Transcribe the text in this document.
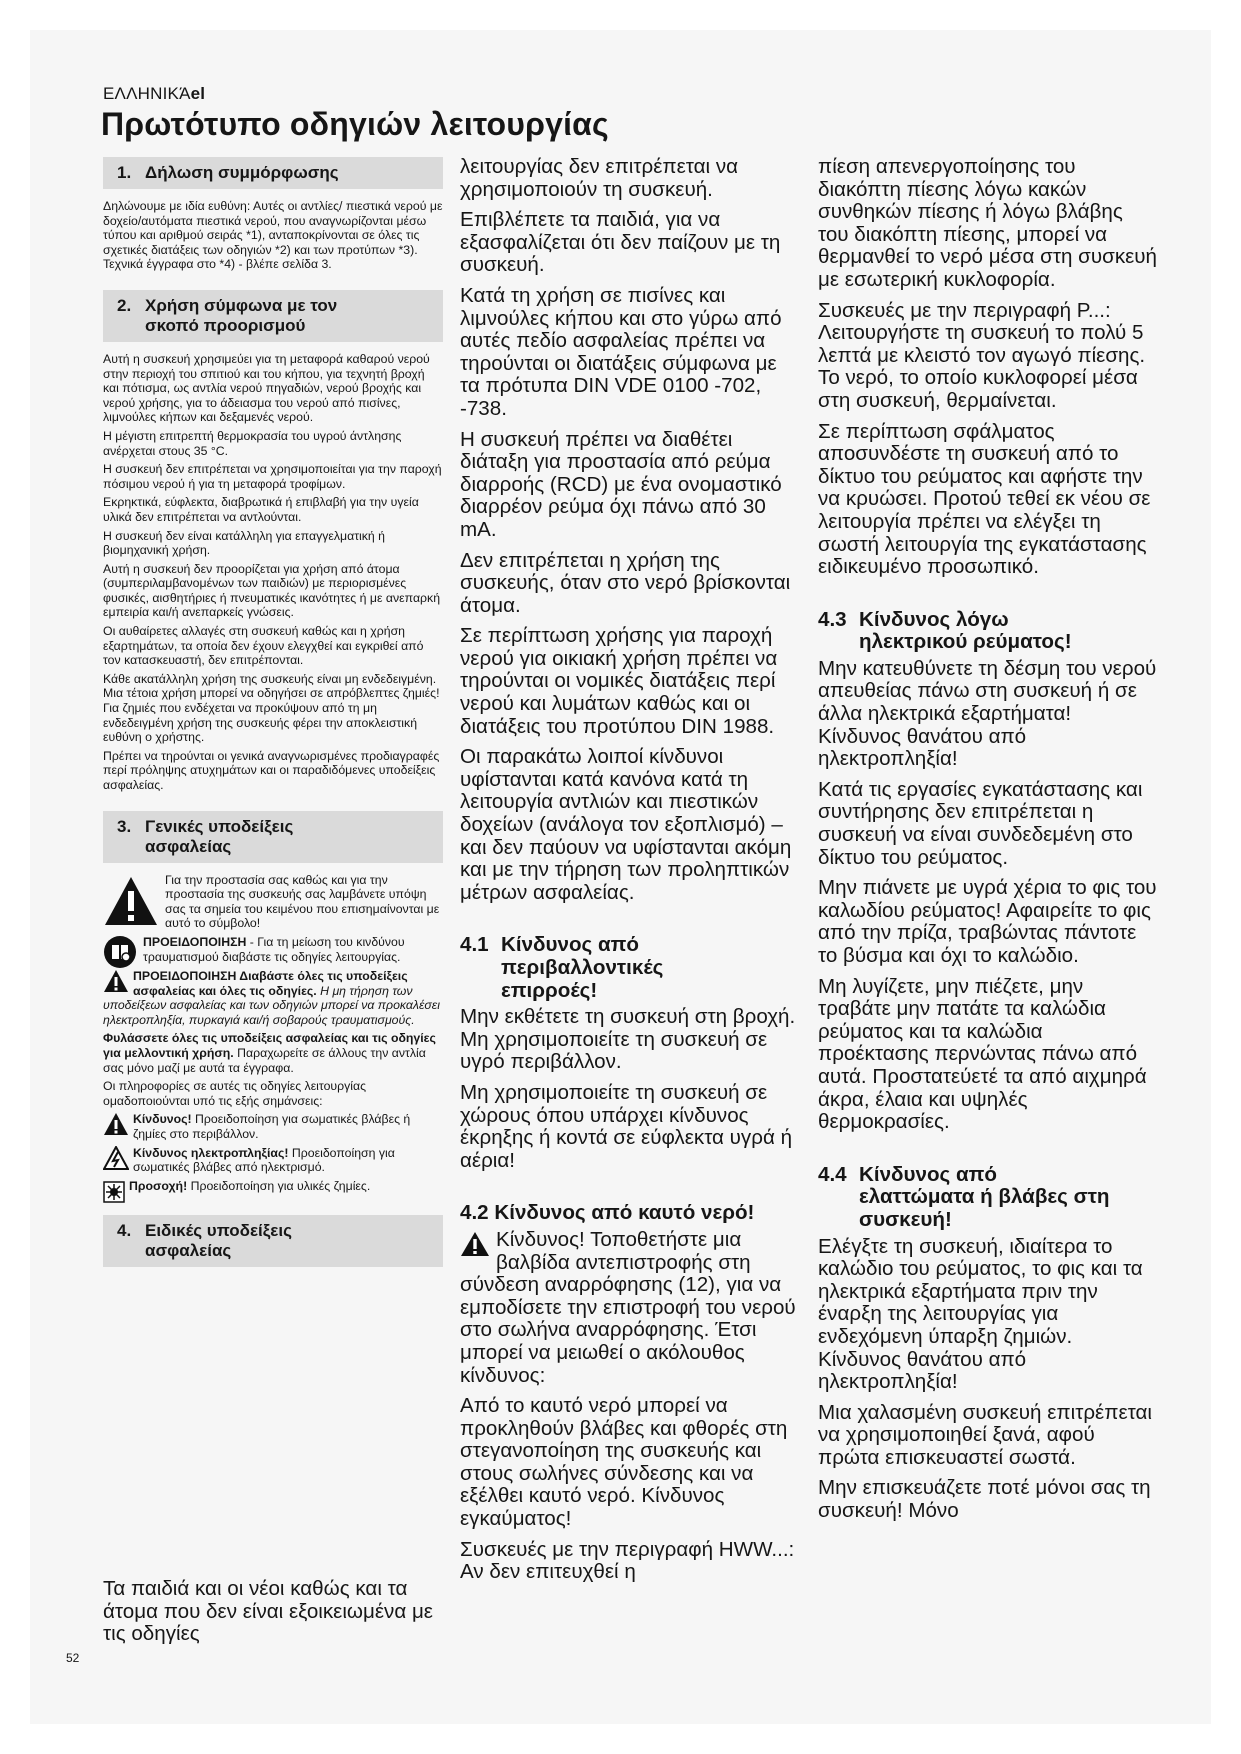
ΕΛΛΗΝΙΚΆel
Πρωτότυπο οδηγιών λειτουργίας
1. Δήλωση συμμόρφωσης

Δηλώνουμε με ιδία ευθύνη: Αυτές οι αντλίες/ πιεστικά νερού με δοχείο/αυτόματα πιεστικά νερού, που αναγνωρίζονται μέσω τύπου και αριθμού σειράς *1), ανταποκρίνονται σε όλες τις σχετικές διατάξεις των οδηγιών *2) και των προτύπων *3). Τεχνικά έγγραφα στο *4) - βλέπε σελίδα 3.

2. Χρήση σύμφωνα με τον
σκοπό προορισμού

Αυτή η συσκευή χρησιμεύει για τη μεταφορά καθαρού νερού στην περιοχή του σπιτιού και του κήπου, για τεχνητή βροχή και πότισμα, ως αντλία νερού πηγαδιών, νερού βροχής και νερού χρήσης, για το άδειασμα του νερού από πισίνες, λιμνούλες κήπων και δεξαμενές νερού.

Η μέγιστη επιτρεπτή θερμοκρασία του υγρού άντλησης ανέρχεται στους 35 °C.

Η συσκευή δεν επιτρέπεται να χρησιμοποιείται για την παροχή πόσιμου νερού ή για τη μεταφορά τροφίμων.

Εκρηκτικά, εύφλεκτα, διαβρωτικά ή επιβλαβή για την υγεία υλικά δεν επιτρέπεται να αντλούνται.

Η συσκευή δεν είναι κατάλληλη για επαγγελματική ή βιομηχανική χρήση.

Αυτή η συσκευή δεν προορίζεται για χρήση από άτομα (συμπεριλαμβανομένων των παιδιών) με περιορισμένες φυσικές, αισθητήριες ή πνευματικές ικανότητες ή με ανεπαρκή εμπειρία και/ή ανεπαρκείς γνώσεις.

Οι αυθαίρετες αλλαγές στη συσκευή καθώς και η χρήση εξαρτημάτων, τα οποία δεν έχουν ελεγχθεί και εγκριθεί από τον κατασκευαστή, δεν επιτρέπονται.

Κάθε ακατάλληλη χρήση της συσκευής είναι μη ενδεδειγμένη. Μια τέτοια χρήση μπορεί να οδηγήσει σε απρόβλεπτες ζημιές! Για ζημιές που ενδέχεται να προκύψουν από τη μη ενδεδειγμένη χρήση της συσκευής φέρει την αποκλειστική ευθύνη ο χρήστης.

Πρέπει να τηρούνται οι γενικά αναγνωρισμένες προδιαγραφές περί πρόληψης ατυχημάτων και οι παραδιδόμενες υποδείξεις ασφαλείας.

3. Γενικές υποδείξεις
ασφαλείας

Για την προστασία σας καθώς και για την προστασία της συσκευής σας λαμβάνετε υπόψη σας τα σημεία του κειμένου που επισημαίνονται με αυτό το σύμβολο!

ΠΡΟΕΙΔΟΠΟΙΗΣΗ - Για τη μείωση του κινδύνου τραυματισμού διαβάστε τις οδηγίες λειτουργίας.

ΠΡΟΕΙΔΟΠΟΙΗΣΗ Διαβάστε όλες τις υποδείξεις ασφαλείας και όλες τις οδηγίες. Η μη τήρηση των υποδείξεων ασφαλείας και των οδηγιών μπορεί να προκαλέσει ηλεκτροπληξία, πυρκαγιά και/ή σοβαρούς τραυματισμούς.

Φυλάσσετε όλες τις υποδείξεις ασφαλείας και τις οδηγίες για μελλοντική χρήση. Παραχωρείτε σε άλλους την αντλία σας μόνο μαζί με αυτά τα έγγραφα.

Οι πληροφορίες σε αυτές τις οδηγίες λειτουργίας ομαδοποιούνται υπό τις εξής σημάνσεις:

Κίνδυνος! Προειδοποίηση για σωματικές βλάβες ή ζημίες στο περιβάλλον.

Κίνδυνος ηλεκτροπληξίας! Προειδοποίηση για σωματικές βλάβες από ηλεκτρισμό.

Προσοχή! Προειδοποίηση για υλικές ζημίες.

4. Ειδικές υποδείξεις
ασφαλείας

Τα παιδιά και οι νέοι καθώς και τα άτομα που δεν είναι εξοικειωμένα με τις οδηγίες

λειτουργίας δεν επιτρέπεται να χρησιμοποιούν τη συσκευή.

Επιβλέπετε τα παιδιά, για να εξασφαλίζεται ότι δεν παίζουν με τη συσκευή.

Κατά τη χρήση σε πισίνες και λιμνούλες κήπου και στο γύρω από αυτές πεδίο ασφαλείας πρέπει να τηρούνται οι διατάξεις σύμφωνα με τα πρότυπα DIN VDE 0100 -702, -738.

Η συσκευή πρέπει να διαθέτει διάταξη για προστασία από ρεύμα διαρροής (RCD) με ένα ονομαστικό διαρρέον ρεύμα όχι πάνω από 30 mA.

Δεν επιτρέπεται η χρήση της συσκευής, όταν στο νερό βρίσκονται άτομα.

Σε περίπτωση χρήσης για παροχή νερού για οικιακή χρήση πρέπει να τηρούνται οι νομικές διατάξεις περί νερού και λυμάτων καθώς και οι διατάξεις του προτύπου DIN 1988.

Οι παρακάτω λοιποί κίνδυνοι υφίστανται κατά κανόνα κατά τη λειτουργία αντλιών και πιεστικών δοχείων (ανάλογα τον εξοπλισμό) – και δεν παύουν να υφίστανται ακόμη και με την τήρηση των προληπτικών μέτρων ασφαλείας.

4.1 Κίνδυνος από
περιβαλλοντικές
επιρροές!

Μην εκθέτετε τη συσκευή στη βροχή. Μη χρησιμοποιείτε τη συσκευή σε υγρό περιβάλλον.

Μη χρησιμοποιείτε τη συσκευή σε χώρους όπου υπάρχει κίνδυνος έκρηξης ή κοντά σε εύφλεκτα υγρά ή αέρια!

4.2 Κίνδυνος από καυτό νερό!

Κίνδυνος! Τοποθετήστε μια βαλβίδα αντεπιστροφής στη σύνδεση αναρρόφησης (12), για να εμποδίσετε την επιστροφή του νερού στο σωλήνα αναρρόφησης. Έτσι μπορεί να μειωθεί ο ακόλουθος κίνδυνος:

Από το καυτό νερό μπορεί να προκληθούν βλάβες και φθορές στη στεγανοποίηση της συσκευής και στους σωλήνες σύνδεσης και να εξέλθει καυτό νερό. Κίνδυνος εγκαύματος!

Συσκευές με την περιγραφή HWW...: Αν δεν επιτευχθεί η

πίεση απενεργοποίησης του διακόπτη πίεσης λόγω κακών συνθηκών πίεσης ή λόγω βλάβης του διακόπτη πίεσης, μπορεί να θερμανθεί το νερό μέσα στη συσκευή με εσωτερική κυκλοφορία.

Συσκευές με την περιγραφή P...: Λειτουργήστε τη συσκευή το πολύ 5 λεπτά με κλειστό τον αγωγό πίεσης. Το νερό, το οποίο κυκλοφορεί μέσα στη συσκευή, θερμαίνεται.

Σε περίπτωση σφάλματος αποσυνδέστε τη συσκευή από το δίκτυο του ρεύματος και αφήστε την να κρυώσει. Προτού τεθεί εκ νέου σε λειτουργία πρέπει να ελέγξει τη σωστή λειτουργία της εγκατάστασης ειδικευμένο προσωπικό.

4.3 Κίνδυνος λόγω
ηλεκτρικού ρεύματος!

Μην κατευθύνετε τη δέσμη του νερού απευθείας πάνω στη συσκευή ή σε άλλα ηλεκτρικά εξαρτήματα! Κίνδυνος θανάτου από ηλεκτροπληξία!

Κατά τις εργασίες εγκατάστασης και συντήρησης δεν επιτρέπεται η συσκευή να είναι συνδεδεμένη στο δίκτυο του ρεύματος.

Μην πιάνετε με υγρά χέρια το φις του καλωδίου ρεύματος! Αφαιρείτε το φις από την πρίζα, τραβώντας πάντοτε το βύσμα και όχι το καλώδιο.

Μη λυγίζετε, μην πιέζετε, μην τραβάτε μην πατάτε τα καλώδια ρεύματος και τα καλώδια προέκτασης περνώντας πάνω από αυτά. Προστατεύετέ τα από αιχμηρά άκρα, έλαια και υψηλές θερμοκρασίες.

4.4 Κίνδυνος από
ελαττώματα ή βλάβες στη
συσκευή!

Ελέγξτε τη συσκευή, ιδιαίτερα το καλώδιο του ρεύματος, το φις και τα ηλεκτρικά εξαρτήματα πριν την έναρξη της λειτουργίας για ενδεχόμενη ύπαρξη ζημιών. Κίνδυνος θανάτου από ηλεκτροπληξία!

Μια χαλασμένη συσκευή επιτρέπεται να χρησιμοποιηθεί ξανά, αφού πρώτα επισκευαστεί σωστά.

Μην επισκευάζετε ποτέ μόνοι σας τη συσκευή! Μόνο

52
